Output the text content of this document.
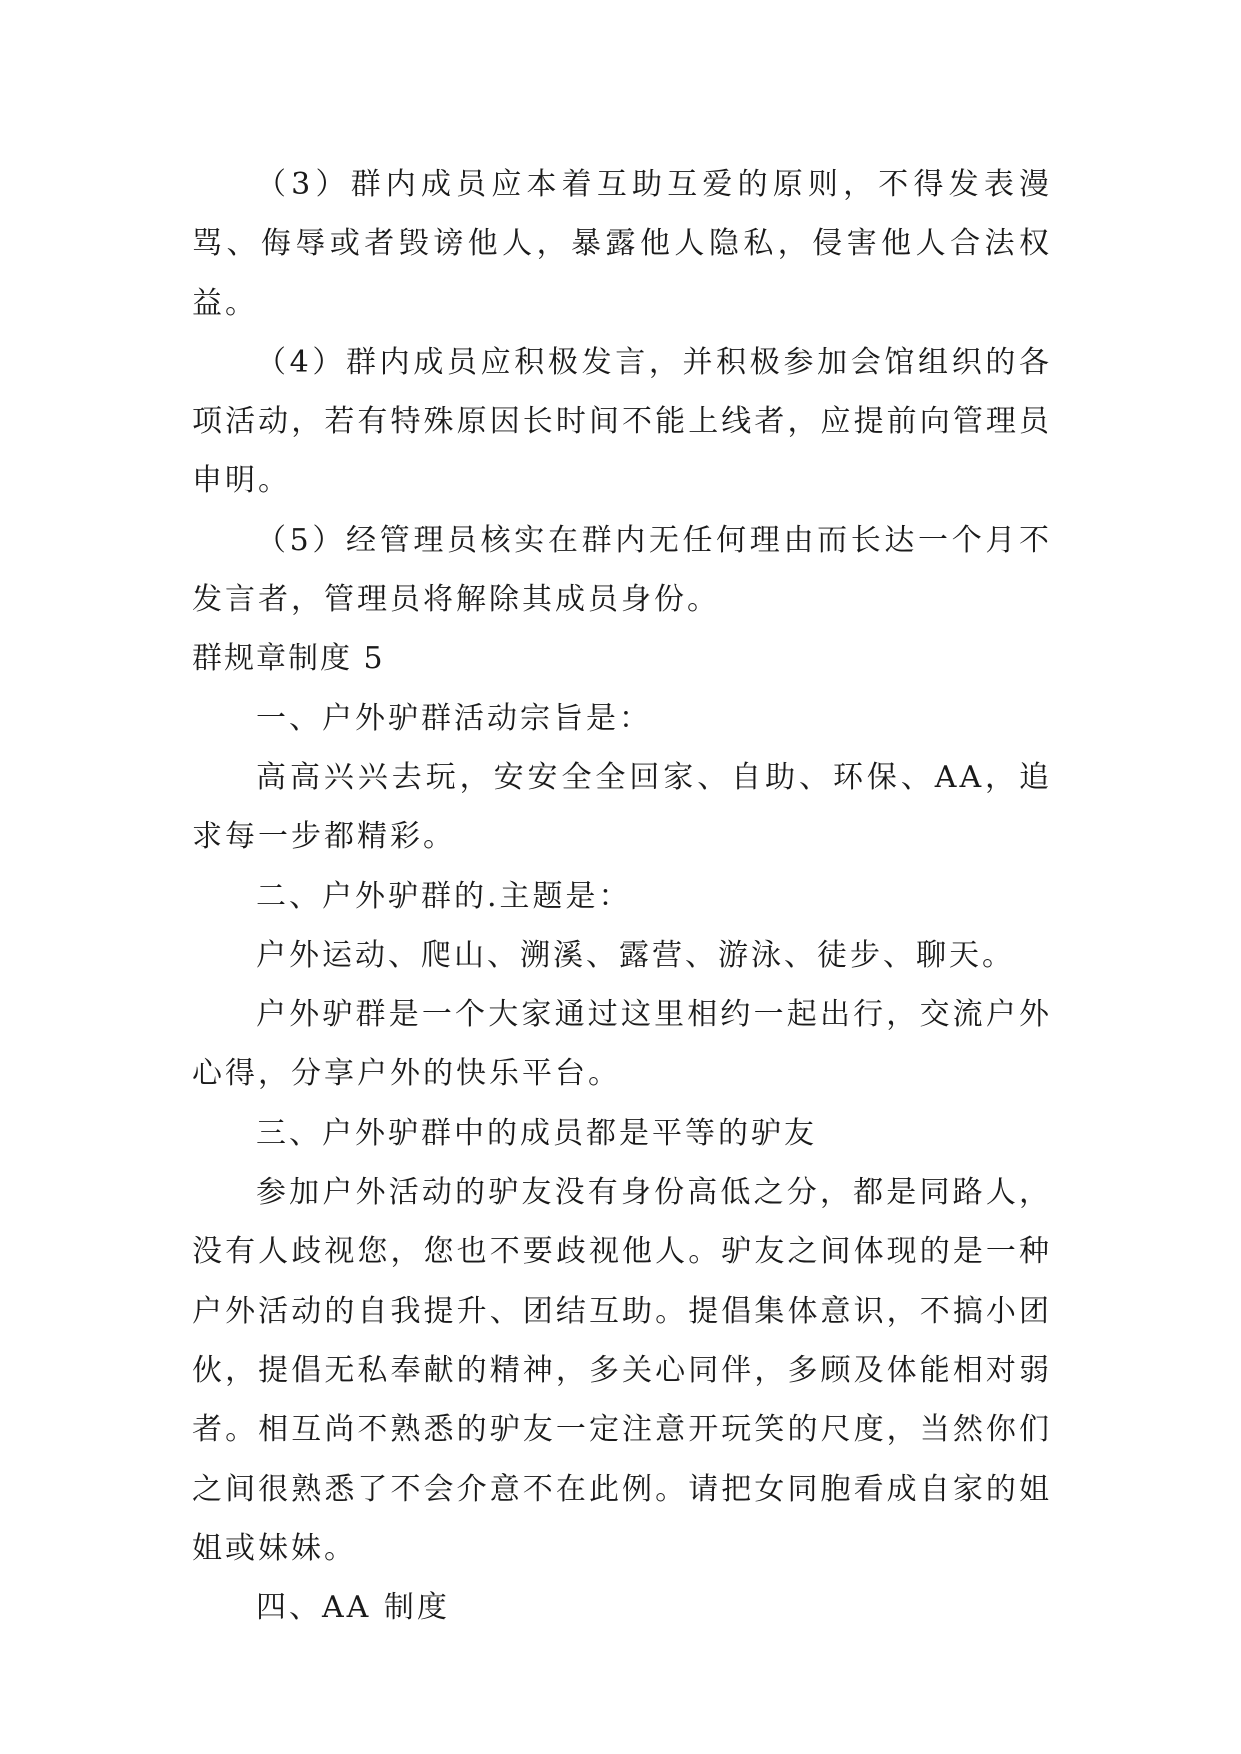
（3）群内成员应本着互助互爱的原则，不得发表漫骂、侮辱或者毁谤他人，暴露他人隐私，侵害他人合法权益。

（4）群内成员应积极发言，并积极参加会馆组织的各项活动，若有特殊原因长时间不能上线者，应提前向管理员申明。

（5）经管理员核实在群内无任何理由而长达一个月不发言者，管理员将解除其成员身份。

群规章制度 5

一、户外驴群活动宗旨是：

高高兴兴去玩，安安全全回家、自助、环保、AA，追求每一步都精彩。

二、户外驴群的.主题是：

户外运动、爬山、溯溪、露营、游泳、徒步、聊天。

户外驴群是一个大家通过这里相约一起出行，交流户外心得，分享户外的快乐平台。

三、户外驴群中的成员都是平等的驴友

参加户外活动的驴友没有身份高低之分，都是同路人，没有人歧视您，您也不要歧视他人。驴友之间体现的是一种户外活动的自我提升、团结互助。提倡集体意识，不搞小团伙，提倡无私奉献的精神，多关心同伴，多顾及体能相对弱者。相互尚不熟悉的驴友一定注意开玩笑的尺度，当然你们之间很熟悉了不会介意不在此例。请把女同胞看成自家的姐姐或妹妹。

四、AA 制度
